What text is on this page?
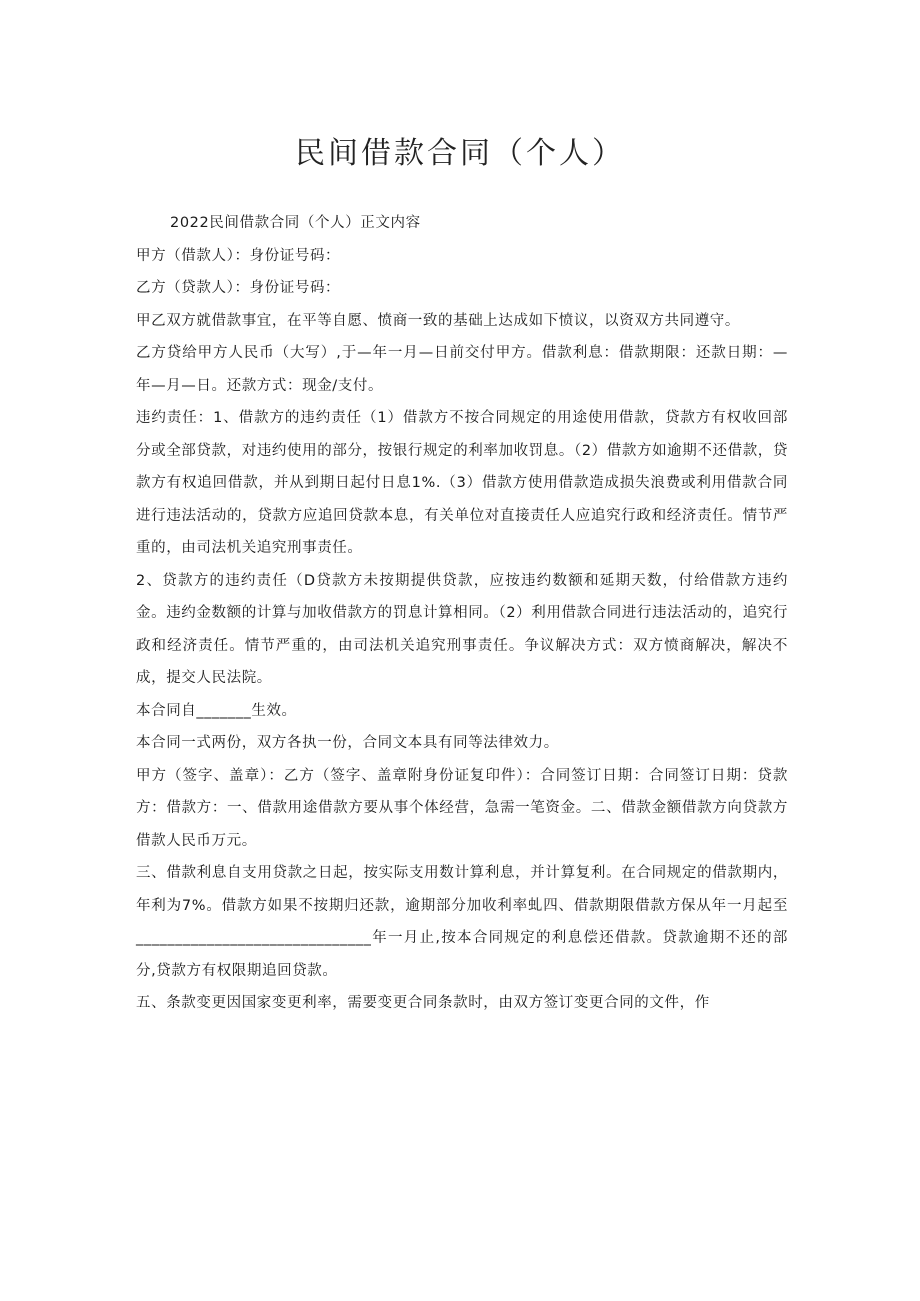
民间借款合同（个人）

2022民间借款合同（个人）正文内容

甲方（借款人）：身份证号码：

乙方（贷款人）：身份证号码：

甲乙双方就借款事宜，在平等自愿、愤商一致的基础上达成如下愤议，以资双方共同遵守。

乙方贷给甲方人民币（大写）,于—年一月—日前交付甲方。借款利息：借款期限：还款日期：—年—月—日。还款方式：现金/支付。

违约责任：1、借款方的违约责任（1）借款方不按合同规定的用途使用借款，贷款方有权收回部分或全部贷款，对违约使用的部分，按银行规定的利率加收罚息。（2）借款方如逾期不还借款，贷款方有权追回借款，并从到期日起付日息1%.（3）借款方使用借款造成损失浪费或利用借款合同进行违法活动的，贷款方应追回贷款本息，有关单位对直接责任人应追究行政和经济责任。情节严重的，由司法机关追究刑事责任。

2、贷款方的违约责任（D贷款方未按期提供贷款，应按违约数额和延期天数，付给借款方违约金。违约金数额的计算与加收借款方的罚息计算相同。（2）利用借款合同进行违法活动的，追究行政和经济责任。情节严重的，由司法机关追究刑事责任。争议解决方式：双方愤商解决，解决不成，提交人民法院。

本合同自_______生效。

本合同一式两份，双方各执一份，合同文本具有同等法律效力。

甲方（签字、盖章）：乙方（签字、盖章附身份证复印件）：合同签订日期：合同签订日期：贷款方：借款方：一、借款用途借款方要从事个体经营，急需一笔资金。二、借款金额借款方向贷款方借款人民币万元。

三、借款利息自支用贷款之日起，按实际支用数计算利息，并计算复利。在合同规定的借款期内，年利为7%。借款方如果不按期归还款，逾期部分加收利率虬四、借款期限借款方保从年一月起至______________________________年一月止,按本合同规定的利息偿还借款。贷款逾期不还的部分,贷款方有权限期追回贷款。

五、条款变更因国家变更利率，需要变更合同条款时，由双方签订变更合同的文件，作
